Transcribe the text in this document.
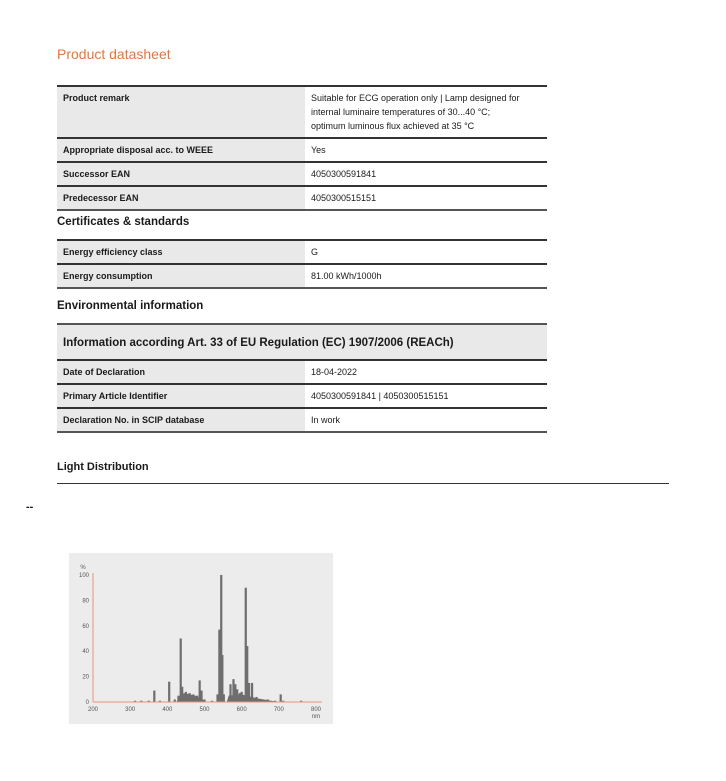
Product datasheet
Product remark	Suitable for ECG operation only | Lamp designed for
internal luminaire temperatures of 30...40 °C;
optimum luminous flux achieved at 35 °C

Appropriate disposal acc. to WEEE	Yes
Successor EAN	4050300591841
Predecessor EAN	4050300515151
Certificates & standards
Energy efficiency class	G
Energy consumption	81.00 kWh/1000h
Environmental information
Information according Art. 33 of EU Regulation (EC) 1907/2006 (REACh)
Date of Declaration	18-04-2022
Primary Article Identifier	4050300591841 | 4050300515151
Declaration No. in SCIP database	In work
Light Distribution
--
0
20
40
60
80
100
200	300	400	500	600	700	800
%
nm
